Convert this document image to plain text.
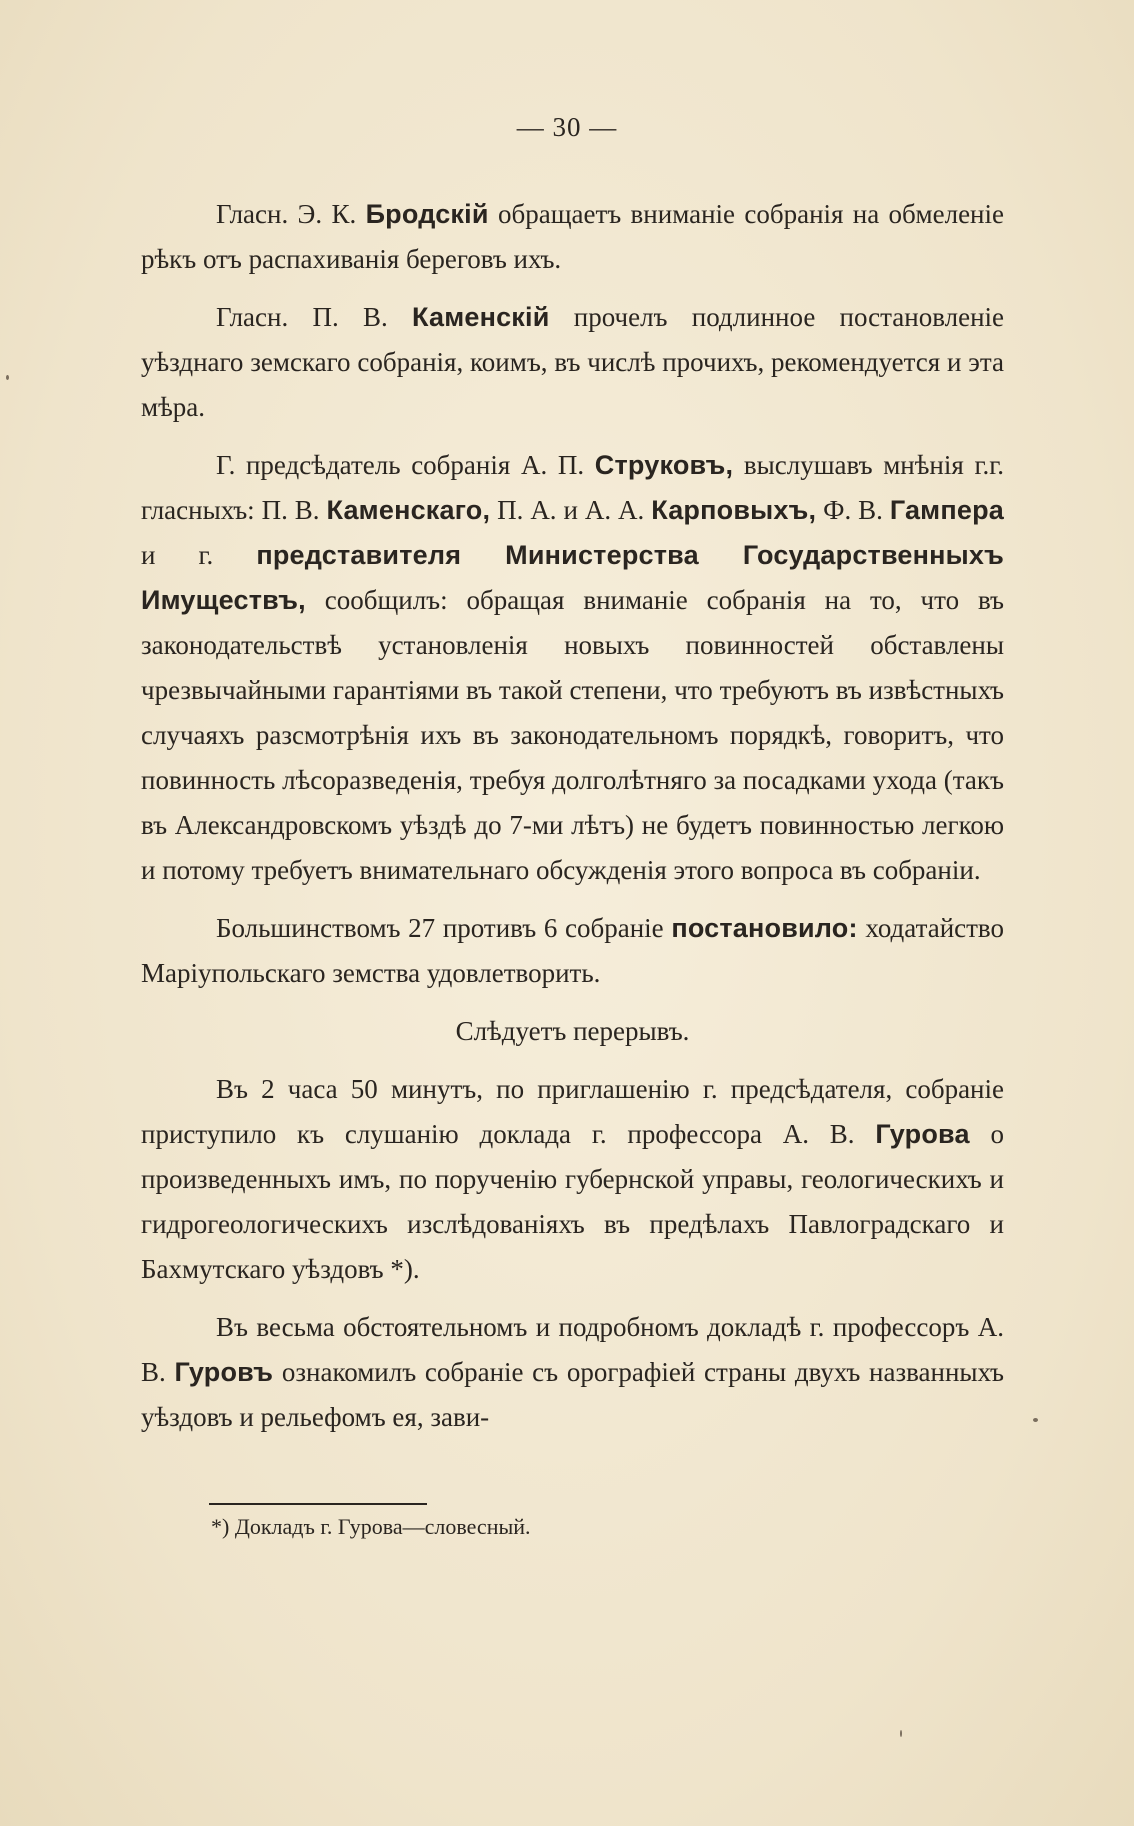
— 30 —

Гласн. Э. К. Бродскій обращаетъ вниманіе собранія на обмеленіе рѣкъ отъ распахиванія береговъ ихъ.

Гласн. П. В. Каменскій прочелъ подлинное постановленіе уѣзднаго земскаго собранія, коимъ, въ числѣ прочихъ, рекомендуется и эта мѣра.

Г. предсѣдатель собранія А. П. Струковъ, выслушавъ мнѣнія г.г. гласныхъ: П. В. Каменскаго, П. А. и А. А. Карповыхъ, Ф. В. Гампера и г. представителя Министерства Государственныхъ Имуществъ, сообщилъ: обращая вниманіе собранія на то, что въ законодательствѣ установленія новыхъ повинностей обставлены чрезвычайными гарантіями въ такой степени, что требуютъ въ извѣстныхъ случаяхъ разсмотрѣнія ихъ въ законодательномъ порядкѣ, говоритъ, что повинность лѣсоразведенія, требуя долголѣтняго за посадками ухода (такъ въ Александровскомъ уѣздѣ до 7-ми лѣтъ) не будетъ повинностью легкою и потому требуетъ внимательнаго обсужденія этого вопроса въ собраніи.

Большинствомъ 27 противъ 6 собраніе постановило: ходатайство Маріупольскаго земства удовлетворить.

Слѣдуетъ перерывъ.

Въ 2 часа 50 минутъ, по приглашенію г. предсѣдателя, собраніе приступило къ слушанію доклада г. профессора А. В. Гурова о произведенныхъ имъ, по порученію губернской управы, геологическихъ и гидрогеологическихъ изслѣдованіяхъ въ предѣлахъ Павлоградскаго и Бахмутскаго уѣздовъ *).

Въ весьма обстоятельномъ и подробномъ докладѣ г. профессоръ А. В. Гуровъ ознакомилъ собраніе съ орографіей страны двухъ названныхъ уѣздовъ и рельефомъ ея, зави-

*) Докладъ г. Гурова—словесный.
